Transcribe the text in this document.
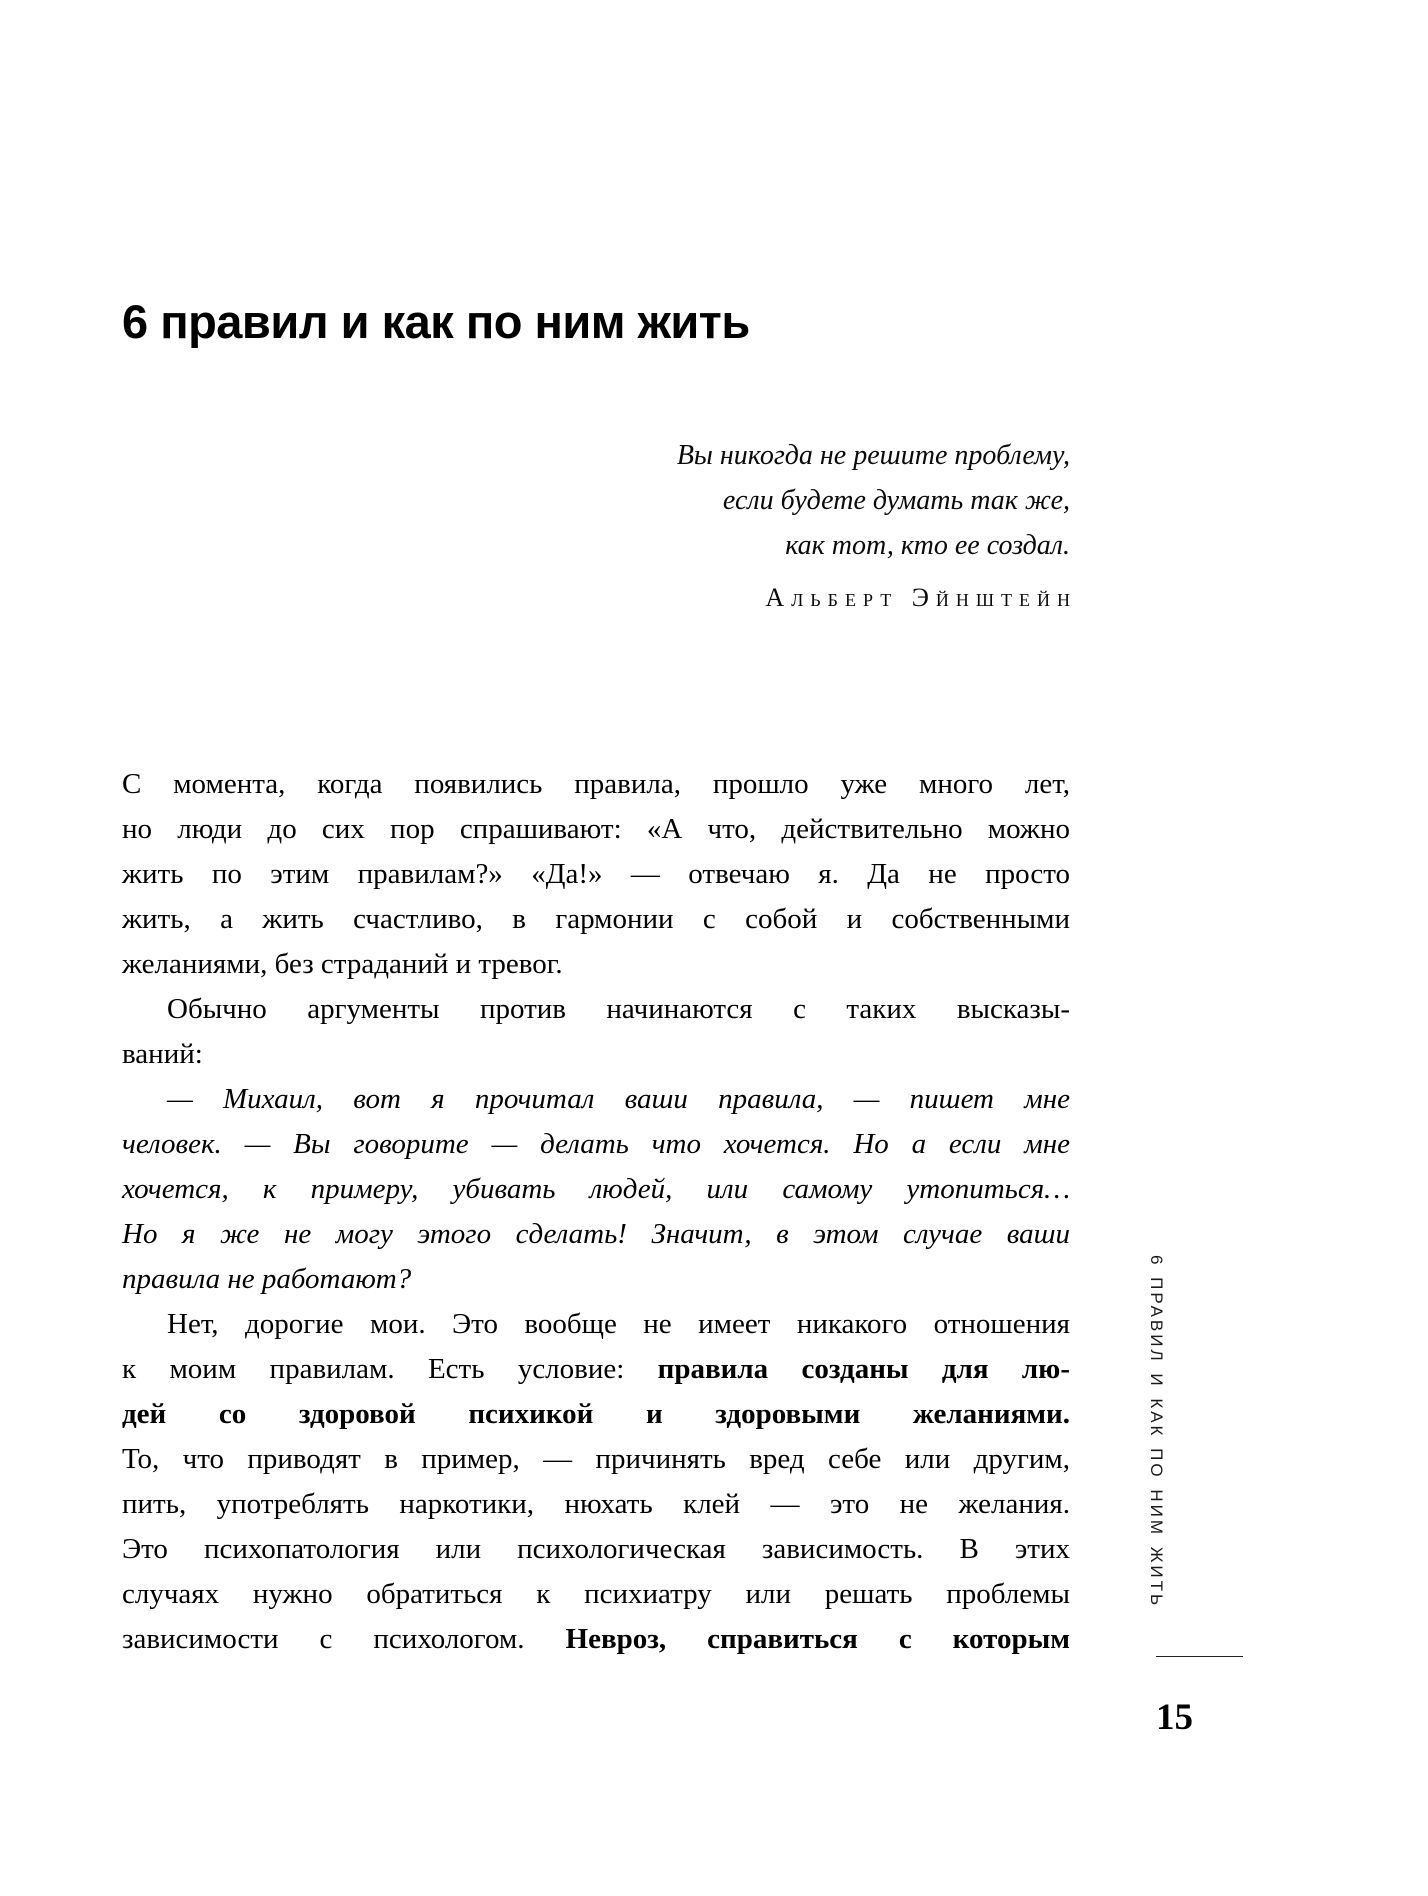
6 правил и как по ним жить
Вы никогда не решите проблему,
если будете думать так же,
как тот, кто ее создал.
Альберт Эйнштейн
С момента, когда появились правила, прошло уже много лет,
но люди до сих пор спрашивают: «А что, действительно можно
жить по этим правилам?» «Да!» — отвечаю я. Да не просто
жить, а жить счастливо, в гармонии с собой и собственными
желаниями, без страданий и тревог.
Обычно аргументы против начинаются с таких высказы-
ваний:
— Михаил, вот я прочитал ваши правила, — пишет мне
человек. — Вы говорите — делать что хочется. Но а если мне
хочется, к примеру, убивать людей, или самому утопиться…
Но я же не могу этого сделать! Значит, в этом случае ваши
правила не работают?
Нет, дорогие мои. Это вообще не имеет никакого отношения
к моим правилам. Есть условие: правила созданы для лю-
дей со здоровой психикой и здоровыми желаниями.
То, что приводят в пример, — причинять вред себе или другим,
пить, употреблять наркотики, нюхать клей — это не желания.
Это психопатология или психологическая зависимость. В этих
случаях нужно обратиться к психиатру или решать проблемы
зависимости с психологом. Невроз, справиться с которым
6 ПРАВИЛ И КАК ПО НИМ ЖИТЬ
15
